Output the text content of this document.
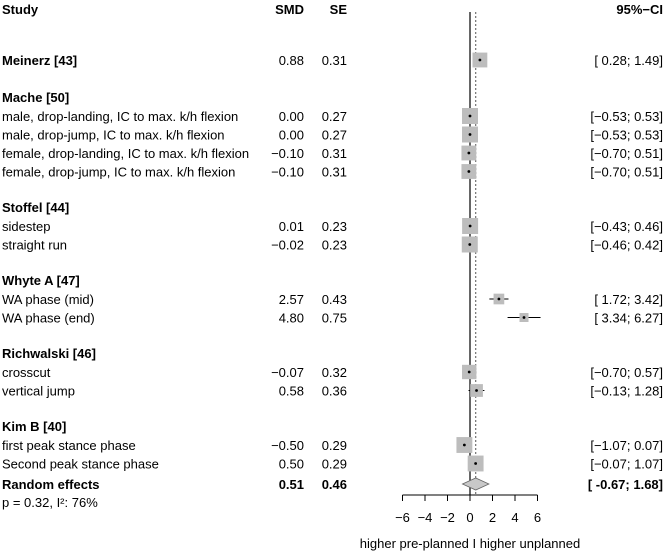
Study	SMD SE	95%−CI
Meinerz [43]	0.88 0.31	[ 0.28; 1.49]
Mache [50]
male, drop-landing, IC to max. k/h flexion	0.00 0.27	[−0.53; 0.53]
male, drop-jump, IC to max. k/h flexion	0.00 0.27	[−0.53; 0.53]
female, drop-landing, IC to max. k/h flexion −0.10 0.31	[−0.70; 0.51]
female, drop-jump, IC to max. k/h flexion	−0.10 0.31	[−0.70; 0.51]
Stoffel [44]
sidestep	0.01 0.23	[−0.43; 0.46]
straight run	−0.02 0.23	[−0.46; 0.42]
Whyte A [47]
WA phase (mid)	2.57 0.43	[ 1.72; 3.42]
WA phase (end)	4.80 0.75	[ 3.34; 6.27]
Richwalski [46]
crosscut	−0.07 0.32	[−0.70; 0.57]
vertical jump	0.58 0.36	[−0.13; 1.28]
Kim B [40]
first peak stance phase	−0.50 0.29	[−1.07; 0.07]
Second peak stance phase	0.50 0.29	[−0.07; 1.07]
Random effects	0.51 0.46	[ -0.67; 1.68]
p = 0.32, I²: 76%
−6 −4 −2 0 2 4 6
higher pre-planned I higher unplanned
